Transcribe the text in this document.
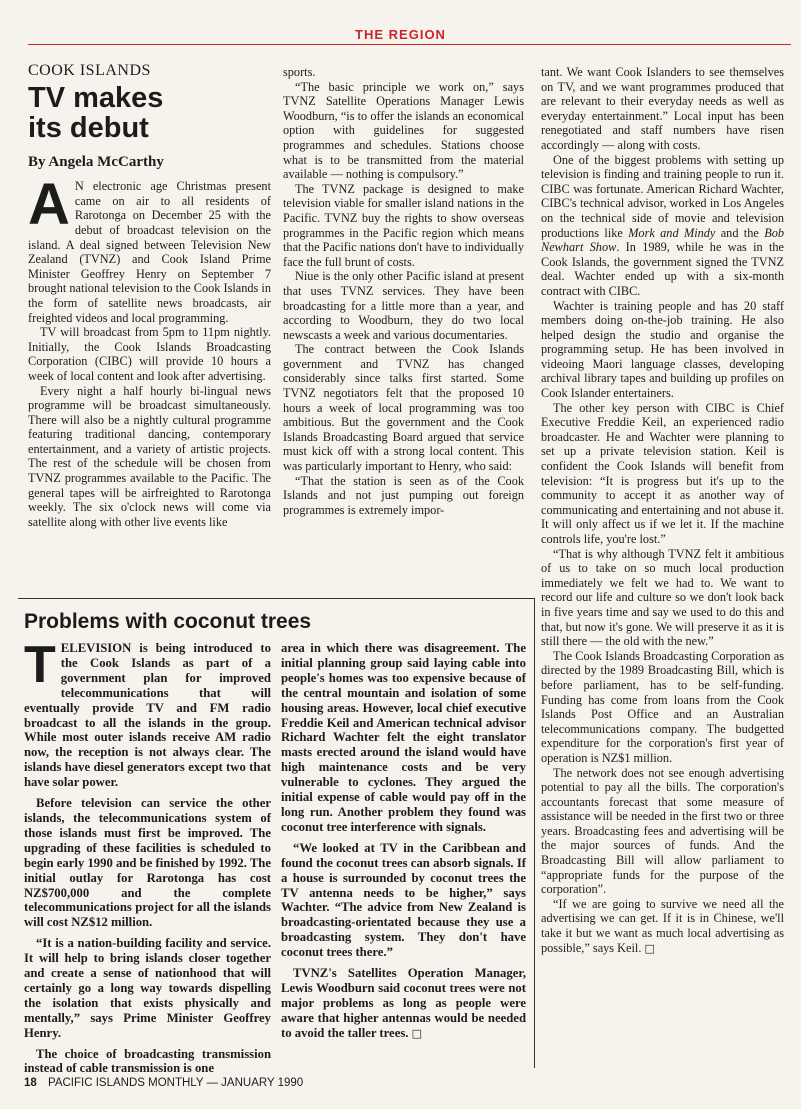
THE REGION
COOK ISLANDS
TV makes
its debut
By Angela McCarthy

A N electronic age Christmas present came on air to all residents of Rarotonga on December 25 with the debut of broadcast television on the island. A deal signed between Television New Zealand (TVNZ) and Cook Island Prime Minister Geoffrey Henry on September 7 brought national television to the Cook Islands in the form of satellite news broadcasts, air freighted videos and local programming.

TV will broadcast from 5pm to 11pm nightly. Initially, the Cook Islands Broadcasting Corporation (CIBC) will provide 10 hours a week of local content and look after advertising.

Every night a half hourly bi-lingual news programme will be broadcast simultaneously. There will also be a nightly cultural programme featuring traditional dancing, contemporary entertainment, and a variety of artistic projects. The rest of the schedule will be chosen from TVNZ programmes available to the Pacific. The general tapes will be airfreighted to Rarotonga weekly. The six o'clock news will come via satellite along with other live events like

sports.

“The basic principle we work on,” says TVNZ Satellite Operations Manager Lewis Woodburn, “is to offer the islands an economical option with guidelines for suggested programmes and schedules. Stations choose what is to be transmitted from the material available — nothing is compulsory.”

The TVNZ package is designed to make television viable for smaller island nations in the Pacific. TVNZ buy the rights to show overseas programmes in the Pacific region which means that the Pacific nations don't have to individually face the full brunt of costs.

Niue is the only other Pacific island at present that uses TVNZ services. They have been broadcasting for a little more than a year, and according to Woodburn, they do two local newscasts a week and various documentaries.

The contract between the Cook Islands government and TVNZ has changed considerably since talks first started. Some TVNZ negotiators felt that the proposed 10 hours a week of local programming was too ambitious. But the government and the Cook Islands Broadcasting Board argued that service must kick off with a strong local content. This was particularly important to Henry, who said:

“That the station is seen as of the Cook Islands and not just pumping out foreign programmes is extremely impor-

tant. We want Cook Islanders to see themselves on TV, and we want programmes produced that are relevant to their everyday needs as well as everyday entertainment.” Local input has been renegotiated and staff numbers have risen accordingly — along with costs.

One of the biggest problems with setting up television is finding and training people to run it. CIBC was fortunate. American Richard Wachter, CIBC's technical advisor, worked in Los Angeles on the technical side of movie and television productions like Mork and Mindy and the Bob Newhart Show. In 1989, while he was in the Cook Islands, the government signed the TVNZ deal. Wachter ended up with a six-month contract with CIBC.

Wachter is training people and has 20 staff members doing on-the-job training. He also helped design the studio and organise the programming setup. He has been involved in videoing Maori language classes, developing archival library tapes and building up profiles on Cook Islander entertainers.

The other key person with CIBC is Chief Executive Freddie Keil, an experienced radio broadcaster. He and Wachter were planning to set up a private television station. Keil is confident the Cook Islands will benefit from television: “It is progress but it's up to the community to accept it as another way of communicating and entertaining and not abuse it. It will only affect us if we let it. If the machine controls life, you're lost.”

“That is why although TVNZ felt it ambitious of us to take on so much local production immediately we felt we had to. We want to record our life and culture so we don't look back in five years time and say we used to do this and that, but now it's gone. We will preserve it as it is still there — the old with the new.”

The Cook Islands Broadcasting Corporation as directed by the 1989 Broadcasting Bill, which is before parliament, has to be self-funding. Funding has come from loans from the Cook Islands Post Office and an Australian telecommunications company. The budgetted expenditure for the corporation's first year of operation is NZ$1 million.

The network does not see enough advertising potential to pay all the bills. The corporation's accountants forecast that some measure of assistance will be needed in the first two or three years. Broadcasting fees and advertising will be the major sources of funds. And the Broadcasting Bill will allow parliament to “appropriate funds for the purpose of the corporation”.

“If we are going to survive we need all the advertising we can get. If it is in Chinese, we'll take it but we want as much local advertising as possible,” says Keil. □

Problems with coconut trees

TELEVISION is being introduced to the Cook Islands as part of a government plan for improved telecommunications that will eventually provide TV and FM radio broadcast to all the islands in the group. While most outer islands receive AM radio now, the reception is not always clear. The islands have diesel generators except two that have solar power.

Before television can service the other islands, the telecommunications system of those islands must first be improved. The upgrading of these facilities is scheduled to begin early 1990 and be finished by 1992. The initial outlay for Rarotonga has cost NZ$700,000 and the complete telecommunications project for all the islands will cost NZ$12 million.

“It is a nation-building facility and service. It will help to bring islands closer together and create a sense of nationhood that will certainly go a long way towards dispelling the isolation that exists physically and mentally,” says Prime Minister Geoffrey Henry.

The choice of broadcasting transmission instead of cable transmission is one

area in which there was disagreement. The initial planning group said laying cable into people's homes was too expensive because of the central mountain and isolation of some housing areas. However, local chief executive Freddie Keil and American technical advisor Richard Wachter felt the eight translator masts erected around the island would have high maintenance costs and be very vulnerable to cyclones. They argued the initial expense of cable would pay off in the long run. Another problem they found was coconut tree interference with signals.

“We looked at TV in the Caribbean and found the coconut trees can absorb signals. If a house is surrounded by coconut trees the TV antenna needs to be higher,” says Wachter. “The advice from New Zealand is broadcasting-orientated because they use a broadcasting system. They don't have coconut trees there.”

TVNZ's Satellites Operation Manager, Lewis Woodburn said coconut trees were not major problems as long as people were aware that higher antennas would be needed to avoid the taller trees. □

18 PACIFIC ISLANDS MONTHLY — JANUARY 1990
